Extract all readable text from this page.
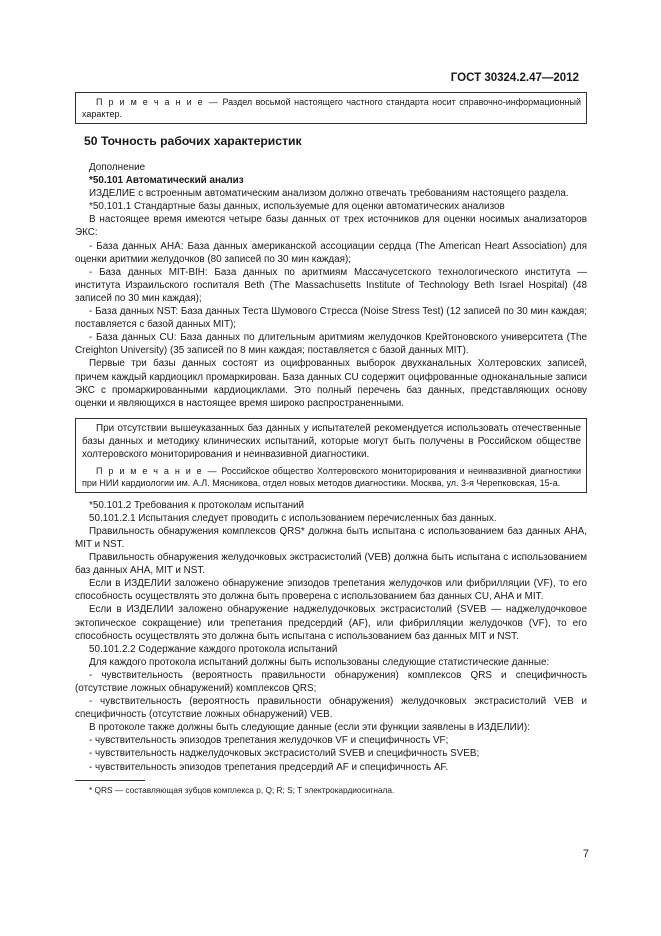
ГОСТ 30324.2.47—2012

П р и м е ч а н и е — Раздел восьмой настоящего частного стандарта носит справочно-информационный характер.

50 Точность рабочих характеристик

Дополнение

*50.101 Автоматический анализ

ИЗДЕЛИЕ с встроенным автоматическим анализом должно отвечать требованиям настоящего раздела.

*50.101.1 Стандартные базы данных, используемые для оценки автоматических анализов

В настоящее время имеются четыре базы данных от трех источников для оценки носимых анализаторов ЭКС:

- База данных AHA: База данных американской ассоциации сердца (The American Heart Association) для оценки аритмии желудочков (80 записей по 30 мин каждая);

- База данных MIT-BIH: База данных по аритмиям Массачусетского технологического института — института Израильского госпиталя Beth (The Massachusetts Institute of Technology Beth Israel Hospital) (48 записей по 30 мин каждая);

- База данных NST: База данных Теста Шумового Стресса (Noise Stress Test) (12 записей по 30 мин каждая; поставляется с базой данных MIT);

- База данных CU: База данных по длительным аритмиям желудочков Крейтоновского университета (The Creighton University) (35 записей по 8 мин каждая; поставляется с базой данных MIT).

Первые три базы данных состоят из оцифрованных выборок двухканальных Холтеровских записей, причем каждый кардиоцикл промаркирован. База данных CU содержит оцифрованные одноканальные записи ЭКС с промаркированными кардиоциклами. Это полный перечень баз данных, представляющих основу оценки и являющихся в настоящее время широко распространенными.

При отсутствии вышеуказанных баз данных у испытателей рекомендуется использовать отечественные базы данных и методику клинических испытаний, которые могут быть получены в Российском обществе холтеровского мониторирования и неинвазивной диагностики.

П р и м е ч а н и е — Российское общество Холтеровского мониторирования и неинвазивной диагностики при НИИ кардиологии им. А.Л. Мясникова, отдел новых методов диагностики. Москва, ул. 3-я Черепковская, 15-а.

*50.101.2 Требования к протоколам испытаний

50.101.2.1 Испытания следует проводить с использованием перечисленных баз данных.

Правильность обнаружения комплексов QRS* должна быть испытана с использованием баз данных AHA, MIT и NST.

Правильность обнаружения желудочковых экстрасистолий (VEB) должна быть испытана с использованием баз данных AHA, MIT и NST.

Если в ИЗДЕЛИИ заложено обнаружение эпизодов трепетания желудочков или фибрилляции (VF), то его способность осуществлять это должна быть проверена с использованием баз данных CU, AHA и MIT.

Если в ИЗДЕЛИИ заложено обнаружение наджелудочковых экстрасистолий (SVEB — наджелудочковое эктопическое сокращение) или трепетания предсердий (AF), или фибрилляции желудочков (VF), то его способность осуществлять это должна быть испытана с использованием баз данных MIT и NST.

50.101.2.2 Содержание каждого протокола испытаний

Для каждого протокола испытаний должны быть использованы следующие статистические данные:

- чувствительность (вероятность правильности обнаружения) комплексов QRS и специфичность (отсутствие ложных обнаружений) комплексов QRS;

- чувствительность (вероятность правильности обнаружения) желудочковых экстрасистолий VEB и специфичность (отсутствие ложных обнаружений) VEB.

В протоколе также должны быть следующие данные (если эти функции заявлены в ИЗДЕЛИИ):

- чувствительность эпизодов трепетания желудочков VF и специфичность VF;

- чувствительность наджелудочковых экстрасистолий SVEB и специфичность SVEB;

- чувствительность эпизодов трепетания предсердий AF и специфичность AF.

* QRS — составляющая зубцов комплекса р, Q; R; S; T электрокардиосигнала.

7
